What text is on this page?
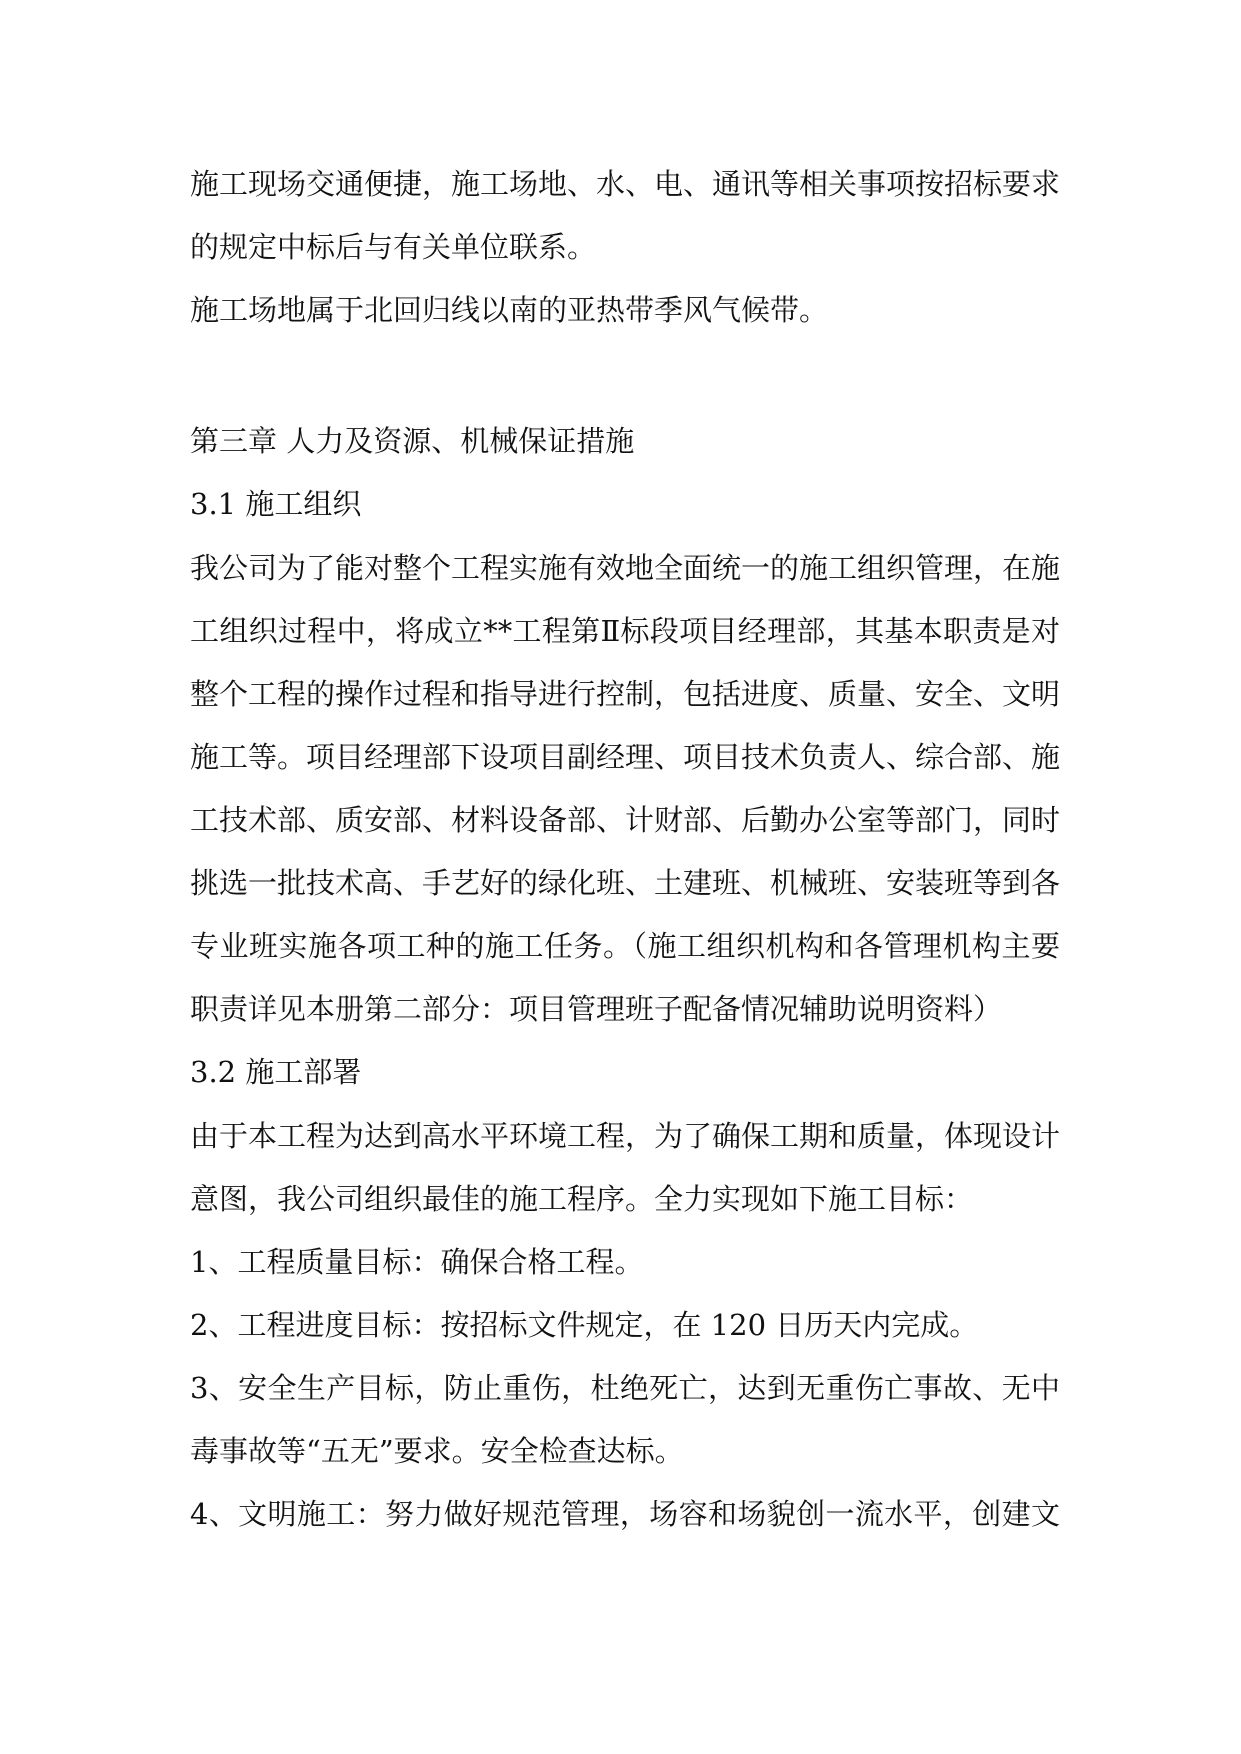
施工现场交通便捷，施工场地、水、电、通讯等相关事项按招标要求
的规定中标后与有关单位联系。
施工场地属于北回归线以南的亚热带季风气候带。
第三章 人力及资源、机械保证措施
3.1 施工组织
我公司为了能对整个工程实施有效地全面统一的施工组织管理，在施
工组织过程中，将成立**工程第Ⅱ标段项目经理部，其基本职责是对
整个工程的操作过程和指导进行控制，包括进度、质量、安全、文明
施工等。项目经理部下设项目副经理、项目技术负责人、综合部、施
工技术部、质安部、材料设备部、计财部、后勤办公室等部门，同时
挑选一批技术高、手艺好的绿化班、土建班、机械班、安装班等到各
专业班实施各项工种的施工任务。（施工组织机构和各管理机构主要
职责详见本册第二部分：项目管理班子配备情况辅助说明资料）
3.2 施工部署
由于本工程为达到高水平环境工程，为了确保工期和质量，体现设计
意图，我公司组织最佳的施工程序。全力实现如下施工目标：
1、工程质量目标：确保合格工程。
2、工程进度目标：按招标文件规定，在 120 日历天内完成。
3、安全生产目标，防止重伤，杜绝死亡，达到无重伤亡事故、无中
毒事故等“五无”要求。安全检查达标。
4、文明施工：努力做好规范管理，场容和场貌创一流水平，创建文
